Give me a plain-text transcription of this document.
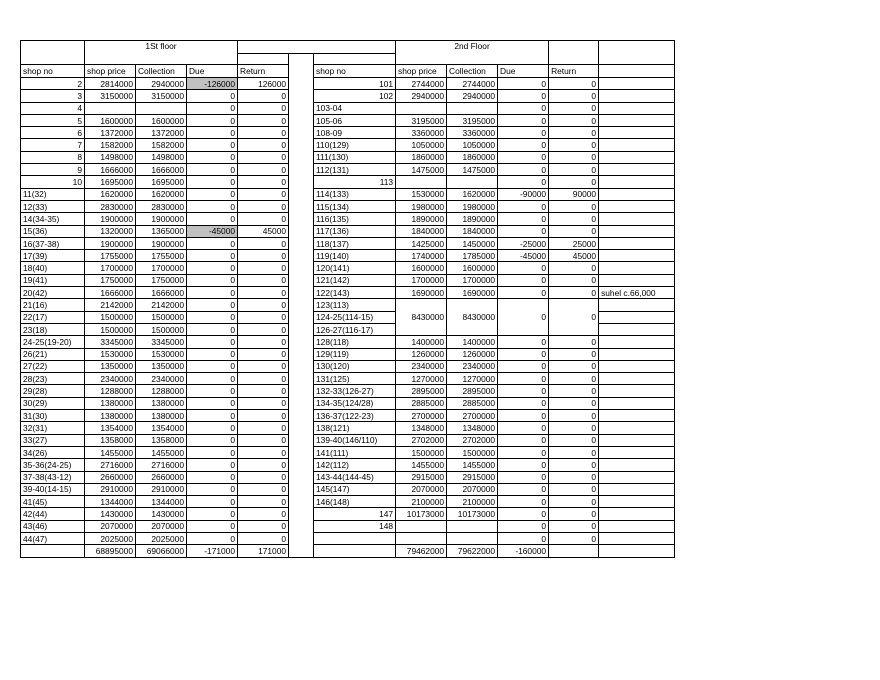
	1St floor						2nd Floor				

shop no	shop price	Collection	Due	Return		shop no	shop price	Collection	Due	Return	
2	2814000	2940000	-126000	126000		101	2744000	2744000	0	0	
3	3150000	3150000	0	0		102	2940000	2940000	0	0	
4			0	0		103-04			0	0	
5	1600000	1600000	0	0		105-06	3195000	3195000	0	0	
6	1372000	1372000	0	0		108-09	3360000	3360000	0	0	
7	1582000	1582000	0	0		110(129)	1050000	1050000	0	0	
8	1498000	1498000	0	0		111(130)	1860000	1860000	0	0	
9	1666000	1666000	0	0		112(131)	1475000	1475000	0	0	
10	1695000	1695000	0	0		113			0	0	
11(32)	1620000	1620000	0	0		114(133)	1530000	1620000	-90000	90000	
12(33)	2830000	2830000	0	0		115(134)	1980000	1980000	0	0	
14(34-35)	1900000	1900000	0	0		116(135)	1890000	1890000	0	0	
15(36)	1320000	1365000	-45000	45000		117(136)	1840000	1840000	0	0	
16(37-38)	1900000	1900000	0	0		118(137)	1425000	1450000	-25000	25000	
17(39)	1755000	1755000	0	0		119(140)	1740000	1785000	-45000	45000	
18(40)	1700000	1700000	0	0		120(141)	1600000	1600000	0	0	
19(41)	1750000	1750000	0	0		121(142)	1700000	1700000	0	0	
20(42)	1666000	1666000	0	0		122(143)	1690000	1690000	0	0	suhel c.66,000
21(16)	2142000	2142000	0	0		123(113)	8430000	8430000	0	0	
22(17)	1500000	1500000	0	0		124-25(114-15)					
23(18)	1500000	1500000	0	0		126-27(116-17)					
24-25(19-20)	3345000	3345000	0	0		128(118)	1400000	1400000	0	0	
26(21)	1530000	1530000	0	0		129(119)	1260000	1260000	0	0	
27(22)	1350000	1350000	0	0		130(120)	2340000	2340000	0	0	
28(23)	2340000	2340000	0	0		131(125)	1270000	1270000	0	0	
29(28)	1288000	1288000	0	0		132-33(126-27)	2895000	2895000	0	0	
30(29)	1380000	1380000	0	0		134-35(124/28)	2885000	2885000	0	0	
31(30)	1380000	1380000	0	0		136-37(122-23)	2700000	2700000	0	0	
32(31)	1354000	1354000	0	0		138(121)	1348000	1348000	0	0	
33(27)	1358000	1358000	0	0		139-40(146/110)	2702000	2702000	0	0	
34(26)	1455000	1455000	0	0		141(111)	1500000	1500000	0	0	
35-36(24-25)	2716000	2716000	0	0		142(112)	1455000	1455000	0	0	
37-38(43-12)	2660000	2660000	0	0		143-44(144-45)	2915000	2915000	0	0	
39-40(14-15)	2910000	2910000	0	0		145(147)	2070000	2070000	0	0	
41(45)	1344000	1344000	0	0		146(148)	2100000	2100000	0	0	
42(44)	1430000	1430000	0	0		147	10173000	10173000	0	0	
43(46)	2070000	2070000	0	0		148			0	0	
44(47)	2025000	2025000	0	0					0	0	
	68895000	69066000	-171000	171000			79462000	79622000	-160000		
